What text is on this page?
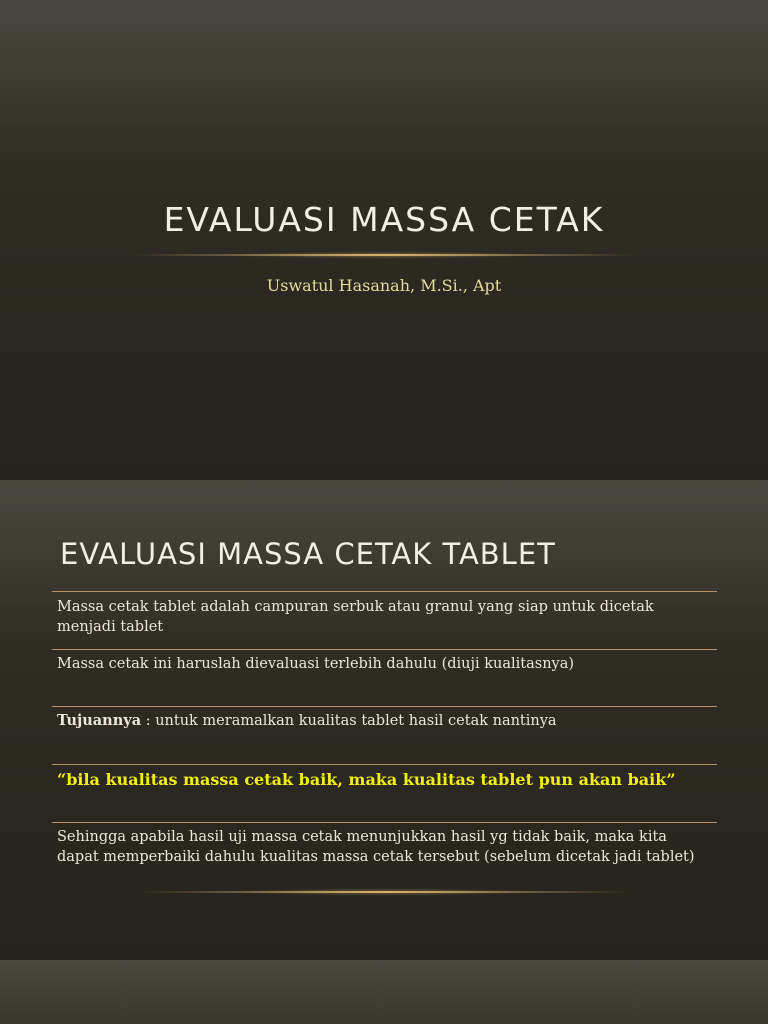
EVALUASI MASSA CETAK
Uswatul Hasanah, M.Si., Apt
EVALUASI MASSA CETAK TABLET
Massa cetak tablet adalah campuran serbuk atau granul yang siap untuk dicetak menjadi tablet
Massa cetak ini haruslah dievaluasi terlebih dahulu (diuji kualitasnya)
Tujuannya : untuk meramalkan kualitas tablet hasil cetak nantinya
“bila kualitas massa cetak baik, maka kualitas tablet pun akan baik”
Sehingga apabila hasil uji massa cetak menunjukkan hasil yg tidak baik, maka kita dapat memperbaiki dahulu kualitas massa cetak tersebut (sebelum dicetak jadi tablet)
